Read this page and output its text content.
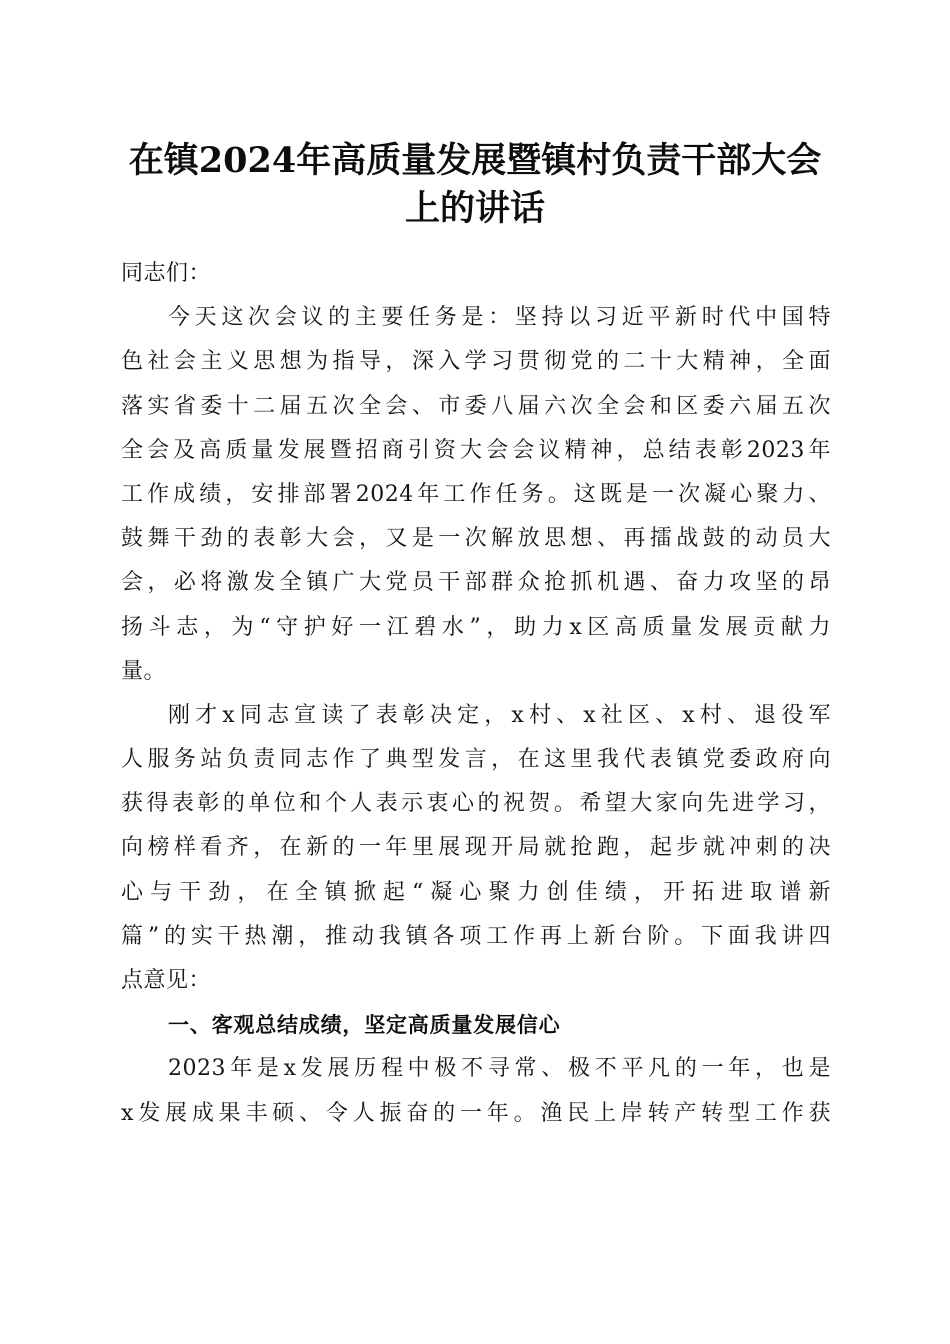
在镇2024年高质量发展暨镇村负责干部大会
上的讲话
同志们：
今天这次会议的主要任务是：坚持以习近平新时代中国特
色社会主义思想为指导，深入学习贯彻党的二十大精神，全面
落实省委十二届五次全会、市委八届六次全会和区委六届五次
全会及高质量发展暨招商引资大会会议精神，总结表彰2023年
工作成绩，安排部署2024年工作任务。这既是一次凝心聚力、
鼓舞干劲的表彰大会，又是一次解放思想、再擂战鼓的动员大
会，必将激发全镇广大党员干部群众抢抓机遇、奋力攻坚的昂
扬斗志，为“守护好一江碧水”，助力x区高质量发展贡献力
量。
刚才x同志宣读了表彰决定，x村、x社区、x村、退役军
人服务站负责同志作了典型发言，在这里我代表镇党委政府向
获得表彰的单位和个人表示衷心的祝贺。希望大家向先进学习，
向榜样看齐，在新的一年里展现开局就抢跑，起步就冲刺的决
心与干劲，在全镇掀起“凝心聚力创佳绩，开拓进取谱新
篇”的实干热潮，推动我镇各项工作再上新台阶。下面我讲四
点意见：
一、客观总结成绩，坚定高质量发展信心
2023年是x发展历程中极不寻常、极不平凡的一年，也是
x发展成果丰硕、令人振奋的一年。渔民上岸转产转型工作获
